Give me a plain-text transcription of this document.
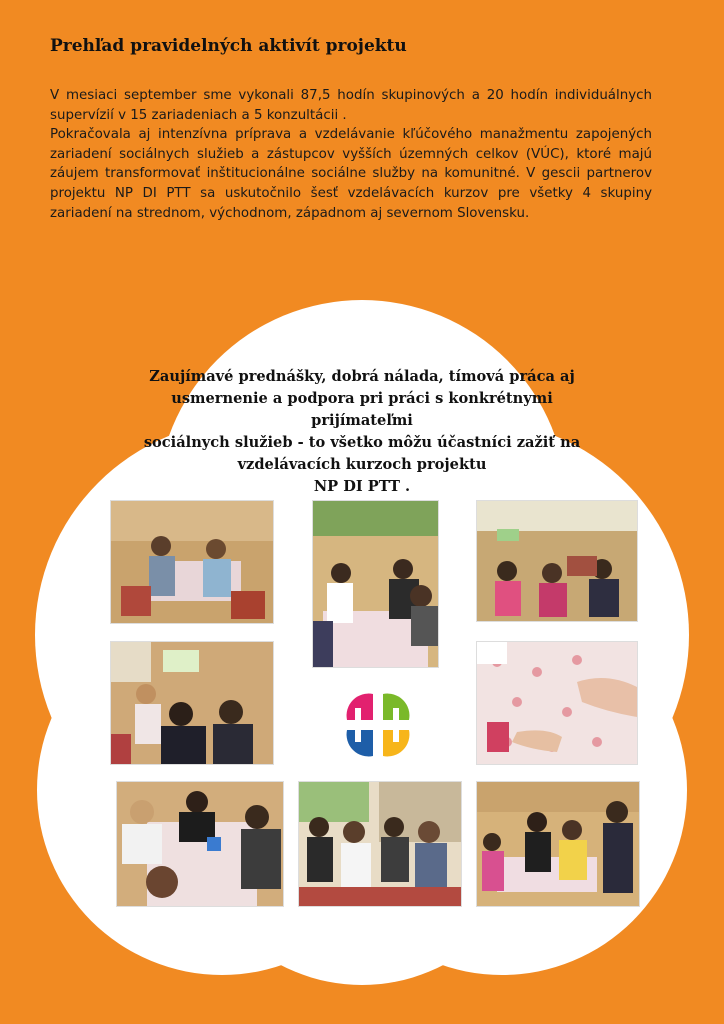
Prehľad pravidelných aktivít projektu

V mesiaci september sme vykonali 87,5 hodín skupinových a 20 hodín individuálnych supervízií v 15 zariadeniach a 5 konzultácii .

Pokračovala aj intenzívna príprava a vzdelávanie kľúčového manažmentu zapojených zariadení sociálnych služieb a zástupcov vyšších územných celkov (VÚC), ktoré majú záujem transformovať inštitucionálne sociálne služby na komunitné. V gescii partnerov projektu NP DI PTT sa uskutočnilo šesť vzdelávacích kurzov pre všetky 4 skupiny zariadení na strednom, východnom, západnom aj severnom Slovensku.

Zaujímavé prednášky, dobrá nálada, tímová práca aj
usmernenie a podpora pri práci s konkrétnymi prijímateľmi
sociálnych služieb - to všetko môžu účastníci zažiť na
vzdelávacích kurzoch projektu
NP DI PTT .
